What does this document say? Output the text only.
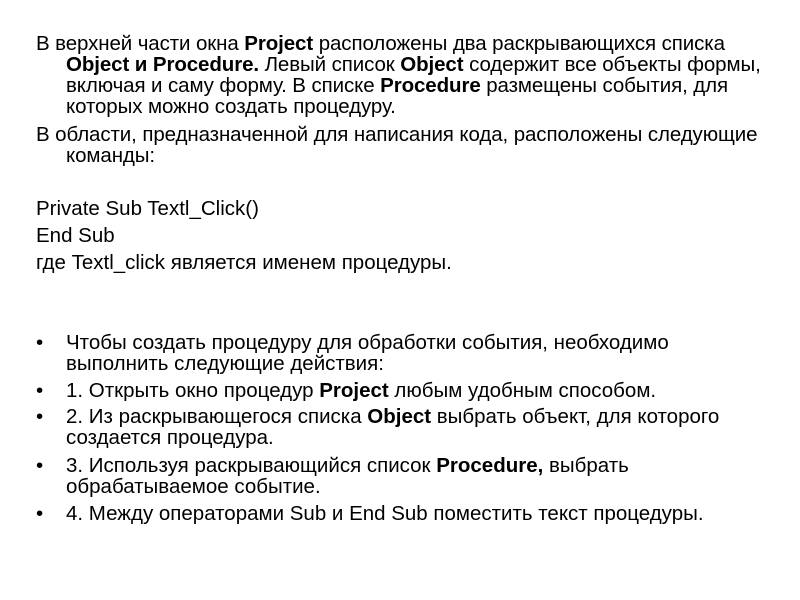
В верхней части окна Project расположены два раскрывающихся списка Object и Procedure. Левый список Object содержит все объекты формы, включая и саму форму. В списке Procedure размещены события, для которых можно создать процедуру.

В области, предназначенной для написания кода, расположены следующие команды:

Private Sub Textl_Click()

End Sub

где Textl_click является именем процедуры.

•	Чтобы создать процедуру для обработки события, необходимо выполнить следующие действия:
•	1. Открыть окно процедур Project любым удобным способом.
•	2. Из раскрывающегося списка Object выбрать объект, для которого создается процедура.
•	3. Используя раскрывающийся список Procedure, выбрать обрабатываемое событие.
•	4. Между операторами Sub и End Sub поместить текст процедуры.
